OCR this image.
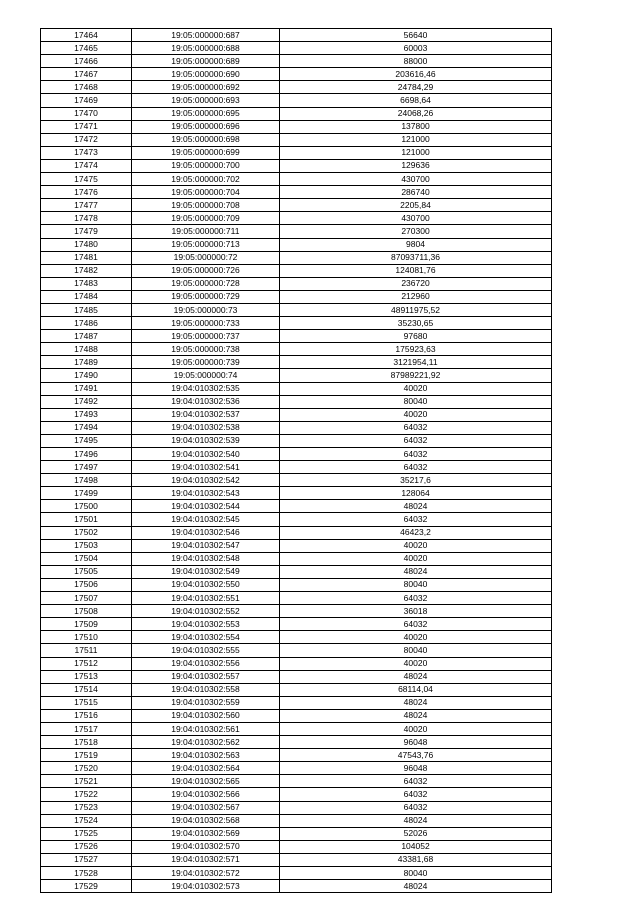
17464	19:05:000000:687	56640
17465	19:05:000000:688	60003
17466	19:05:000000:689	88000
17467	19:05:000000:690	203616,46
17468	19:05:000000:692	24784,29
17469	19:05:000000:693	6698,64
17470	19:05:000000:695	24068,26
17471	19:05:000000:696	137800
17472	19:05:000000:698	121000
17473	19:05:000000:699	121000
17474	19:05:000000:700	129636
17475	19:05:000000:702	430700
17476	19:05:000000:704	286740
17477	19:05:000000:708	2205,84
17478	19:05:000000:709	430700
17479	19:05:000000:711	270300
17480	19:05:000000:713	9804
17481	19:05:000000:72	87093711,36
17482	19:05:000000:726	124081,76
17483	19:05:000000:728	236720
17484	19:05:000000:729	212960
17485	19:05:000000:73	48911975,52
17486	19:05:000000:733	35230,65
17487	19:05:000000:737	97680
17488	19:05:000000:738	175923,63
17489	19:05:000000:739	3121954,11
17490	19:05:000000:74	87989221,92
17491	19:04:010302:535	40020
17492	19:04:010302:536	80040
17493	19:04:010302:537	40020
17494	19:04:010302:538	64032
17495	19:04:010302:539	64032
17496	19:04:010302:540	64032
17497	19:04:010302:541	64032
17498	19:04:010302:542	35217,6
17499	19:04:010302:543	128064
17500	19:04:010302:544	48024
17501	19:04:010302:545	64032
17502	19:04:010302:546	46423,2
17503	19:04:010302:547	40020
17504	19:04:010302:548	40020
17505	19:04:010302:549	48024
17506	19:04:010302:550	80040
17507	19:04:010302:551	64032
17508	19:04:010302:552	36018
17509	19:04:010302:553	64032
17510	19:04:010302:554	40020
17511	19:04:010302:555	80040
17512	19:04:010302:556	40020
17513	19:04:010302:557	48024
17514	19:04:010302:558	68114,04
17515	19:04:010302:559	48024
17516	19:04:010302:560	48024
17517	19:04:010302:561	40020
17518	19:04:010302:562	96048
17519	19:04:010302:563	47543,76
17520	19:04:010302:564	96048
17521	19:04:010302:565	64032
17522	19:04:010302:566	64032
17523	19:04:010302:567	64032
17524	19:04:010302:568	48024
17525	19:04:010302:569	52026
17526	19:04:010302:570	104052
17527	19:04:010302:571	43381,68
17528	19:04:010302:572	80040
17529	19:04:010302:573	48024
